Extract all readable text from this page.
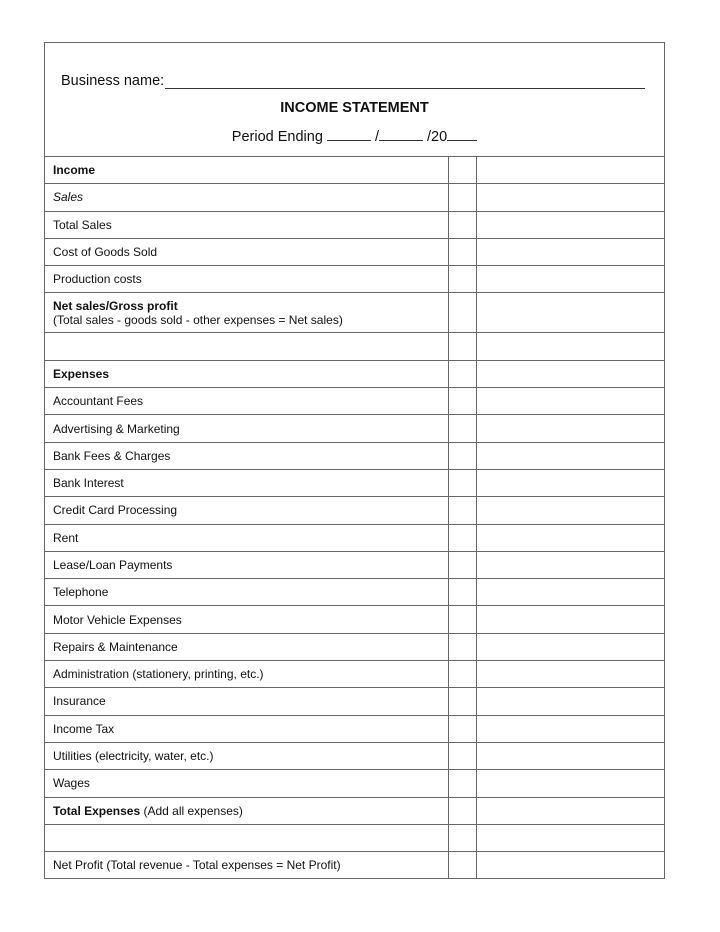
Business name:
INCOME STATEMENT
Period Ending	/	/20
Income		
Sales		
Total Sales		
Cost of Goods Sold		
Production costs		
Net sales/Gross profit
(Total sales - goods sold - other expenses = Net sales)		

Expenses		
Accountant Fees		
Advertising & Marketing		
Bank Fees & Charges		
Bank Interest		
Credit Card Processing		
Rent		
Lease/Loan Payments		
Telephone		
Motor Vehicle Expenses		
Repairs & Maintenance		
Administration (stationery, printing, etc.)		
Insurance		
Income Tax		
Utilities (electricity, water, etc.)		
Wages		
Total Expenses (Add all expenses)		

Net Profit (Total revenue - Total expenses = Net Profit)		
